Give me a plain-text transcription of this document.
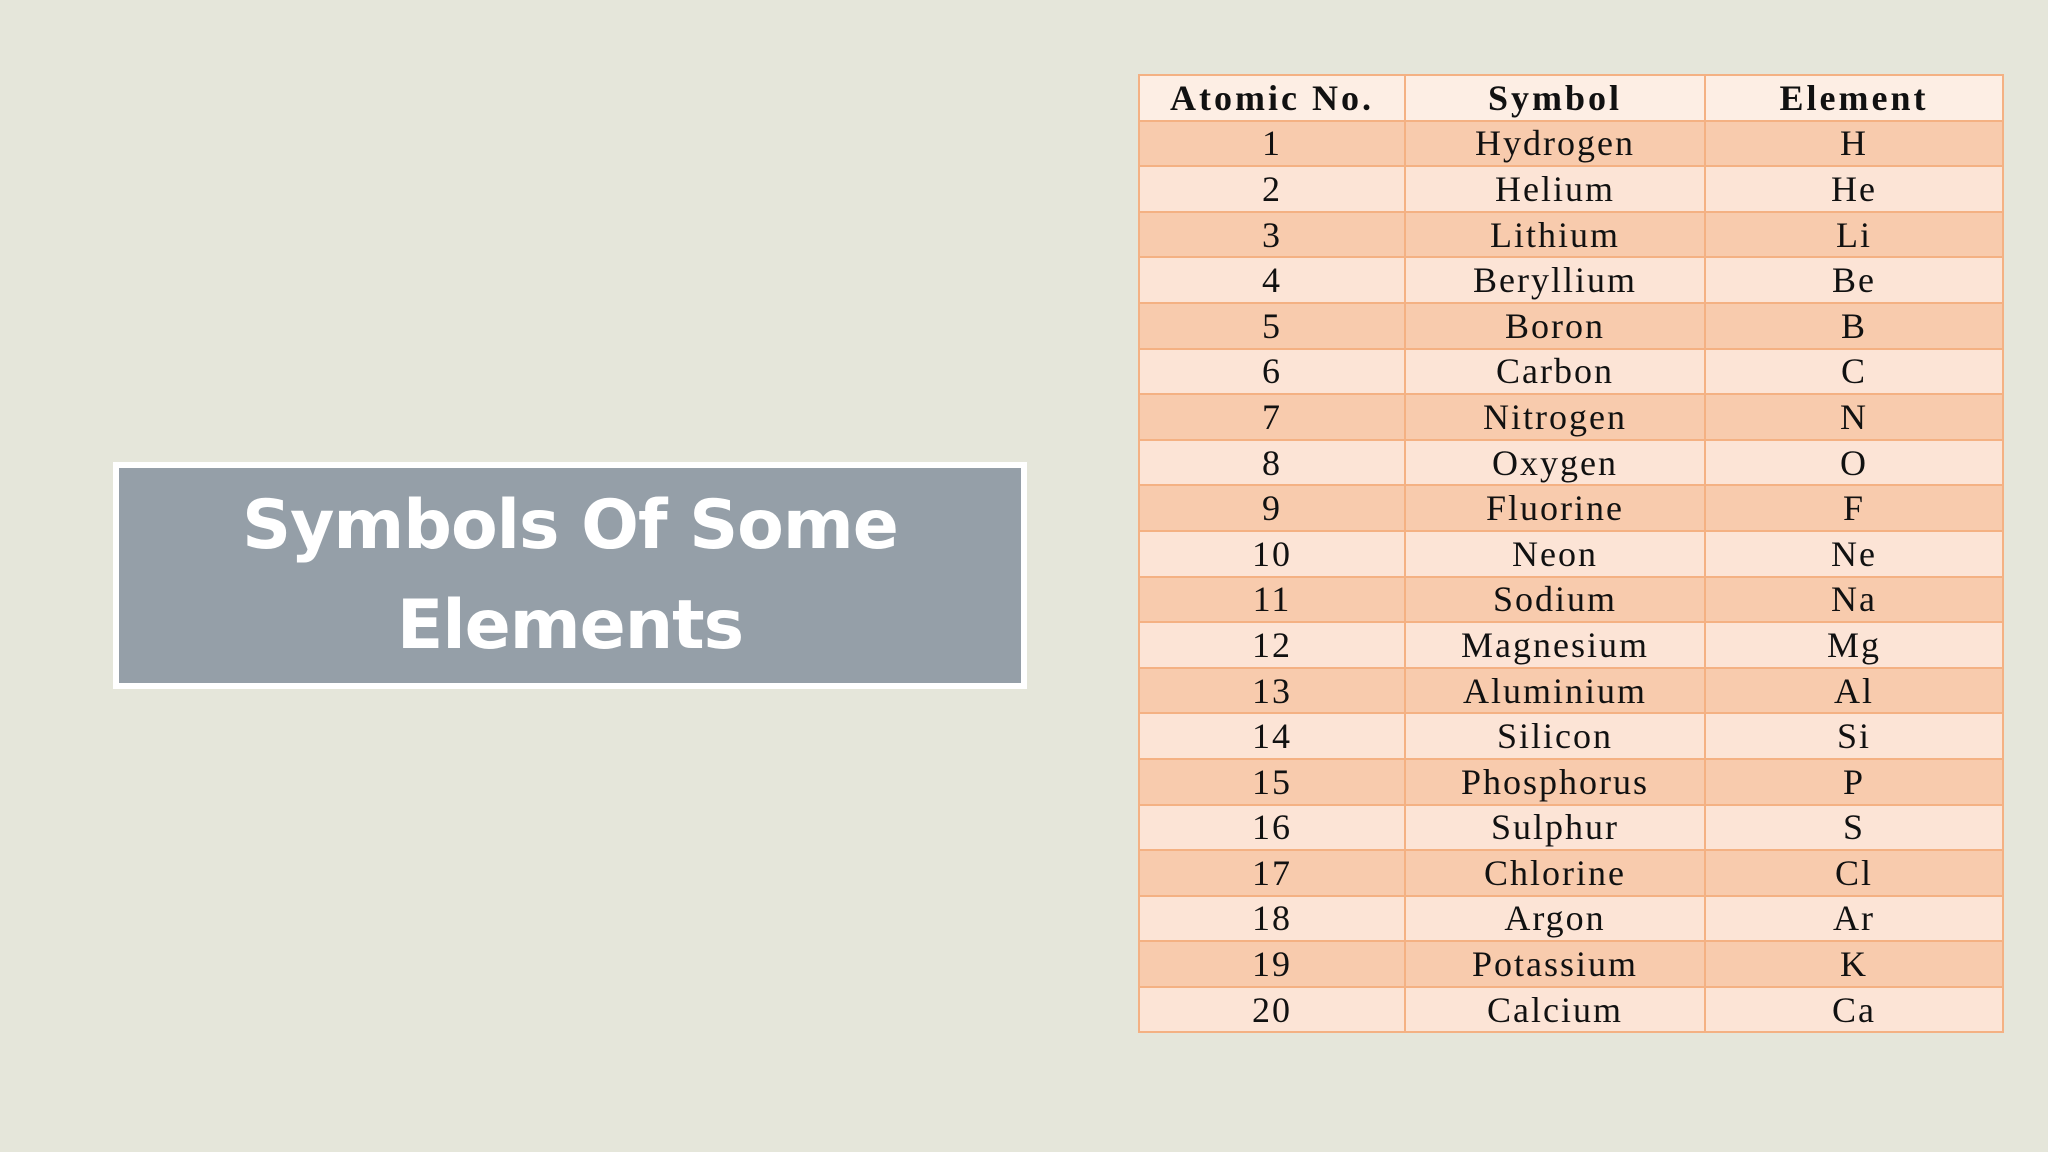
Symbols Of Some
Elements
Atomic No.	Symbol	Element
1	Hydrogen	H
2	Helium	He
3	Lithium	Li
4	Beryllium	Be
5	Boron	B
6	Carbon	C
7	Nitrogen	N
8	Oxygen	O
9	Fluorine	F
10	Neon	Ne
11	Sodium	Na
12	Magnesium	Mg
13	Aluminium	Al
14	Silicon	Si
15	Phosphorus	P
16	Sulphur	S
17	Chlorine	Cl
18	Argon	Ar
19	Potassium	K
20	Calcium	Ca
